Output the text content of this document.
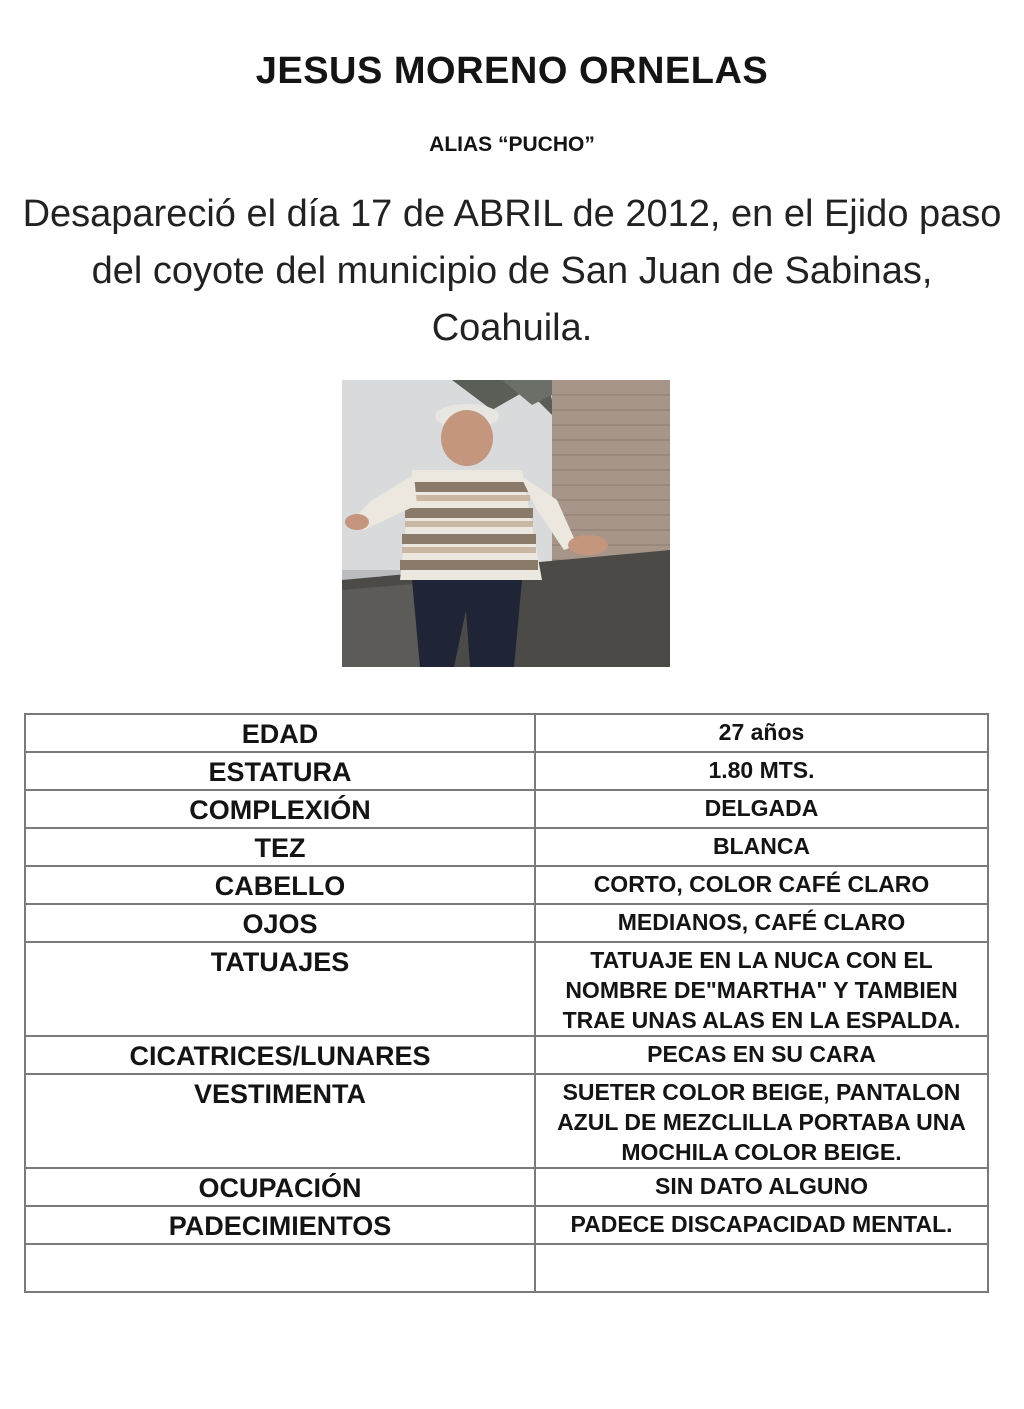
JESUS MORENO ORNELAS
ALIAS “PUCHO”
Desapareció el día 17 de ABRIL de 2012, en el Ejido paso del coyote del municipio de San Juan de Sabinas, Coahuila.
EDAD	27 años
ESTATURA	1.80 MTS.
COMPLEXIÓN	DELGADA
TEZ	BLANCA
CABELLO	CORTO, COLOR CAFÉ CLARO
OJOS	MEDIANOS, CAFÉ CLARO
TATUAJES	TATUAJE EN LA NUCA CON EL NOMBRE DE"MARTHA" Y TAMBIEN TRAE UNAS ALAS EN LA ESPALDA.
CICATRICES/LUNARES	PECAS EN SU CARA
VESTIMENTA	SUETER COLOR BEIGE, PANTALON AZUL DE MEZCLILLA PORTABA UNA MOCHILA COLOR BEIGE.
OCUPACIÓN	SIN DATO ALGUNO
PADECIMIENTOS	PADECE DISCAPACIDAD MENTAL.
